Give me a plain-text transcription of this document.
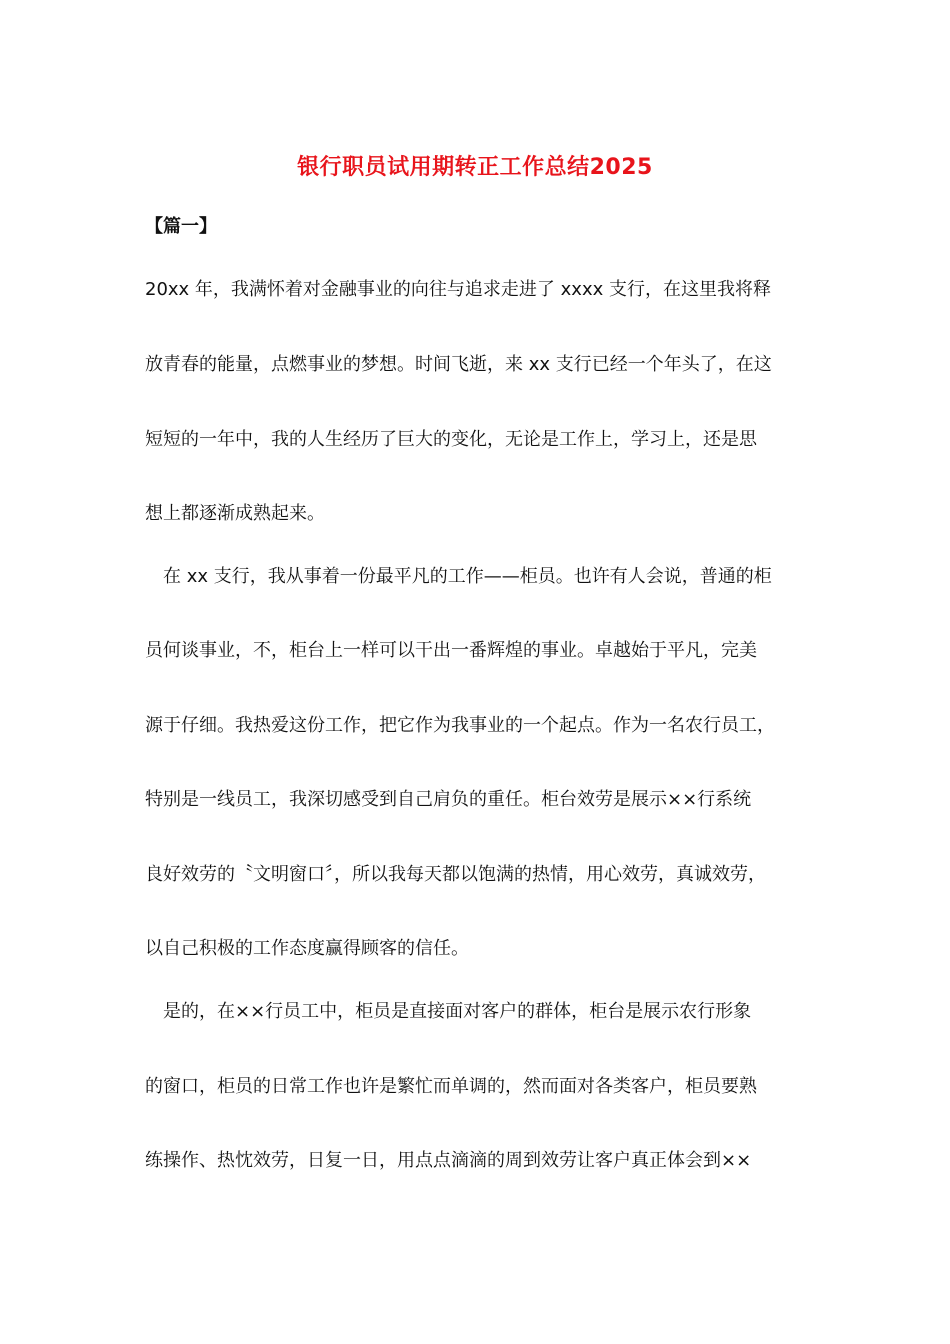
银行职员试用期转正工作总结2025
【篇一】
20xx 年，我满怀着对金融事业的向往与追求走进了 xxxx 支行，在这里我将释
放青春的能量，点燃事业的梦想。时间飞逝，来 xx 支行已经一个年头了，在这
短短的一年中，我的人生经历了巨大的变化，无论是工作上，学习上，还是思
想上都逐渐成熟起来。
在 xx 支行，我从事着一份最平凡的工作——柜员。也许有人会说，普通的柜
员何谈事业，不，柜台上一样可以干出一番辉煌的事业。卓越始于平凡，完美
源于仔细。我热爱这份工作，把它作为我事业的一个起点。作为一名农行员工，
特别是一线员工，我深切感受到自己肩负的重任。柜台效劳是展示××行系统
良好效劳的〝文明窗口〞，所以我每天都以饱满的热情，用心效劳，真诚效劳，
以自己积极的工作态度赢得顾客的信任。
是的，在××行员工中，柜员是直接面对客户的群体，柜台是展示农行形象
的窗口，柜员的日常工作也许是繁忙而单调的，然而面对各类客户，柜员要熟
练操作、热忱效劳，日复一日，用点点滴滴的周到效劳让客户真正体会到××
